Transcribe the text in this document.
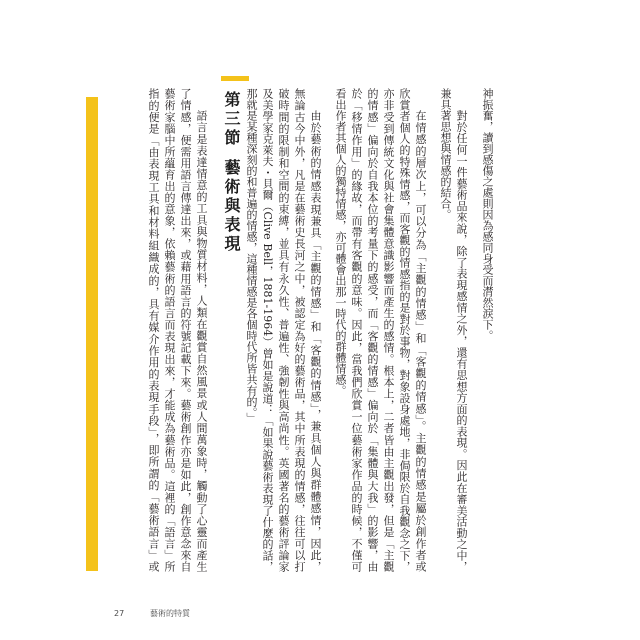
神振奮，讀到感傷之處則因為感同身受而潸然淚下。
對於任何一件藝術品來說，除了表現感情之外，還有思想方面的表現。因此在審美活動之中，
兼具著思想與情感的結合。
在情感的層次上，可以分為「主觀的情感」和「客觀的情感」。主觀的情感是屬於創作者或
欣賞者個人的特殊情感，而客觀的情感指的是對於事物，對象設身處地，非侷限於自我觀念之下，
亦非受到傳統文化與社會集體意識影響而產生的感情。根本上，二者皆由主觀出發，但是「主觀
的情感」偏向於自我本位的考量下的感受，而「客觀的情感」偏向於「集體與大我」的影響，由
於「移情作用」的緣故，而帶有客觀的意味。因此，當我們欣賞一位藝術家作品的時候，不僅可
看出作者其個人的獨特情感，亦可體會出那一時代的群體情感。
由於藝術的情感表現兼具「主觀的情感」和「客觀的情感」，兼具個人與群體感情，因此，
無論古今中外，凡是在藝術史長河之中，被認定為好的藝術品，其中所表現的情感，往往可以打
破時間的限制和空間的束縛，並具有永久性、普遍性、強韌性與高尚性。英國著名的藝術評論家
及美學家克萊夫・貝爾（Clive Bell，1881-1964）曾如是說道：「如果說藝術表現了什麼的話，
那就是某種深刻的和普遍的情感，這種情感是各個時代所皆共有的。」
第三節藝術與表現
語言是表達情意的工具與物質材料，人類在觀賞自然風景或人間萬象時，觸動了心靈而產生
了情感，便需用語言傳達出來，或藉用語言的符號記載下來。藝術創作亦是如此，創作意念來自
藝術家腦中所蘊育出的意象，依賴藝術的語言而表現出來，才能成為藝術品。這裡的「語言」所
指的便是「由表現工具和材料組織成的，具有媒介作用的表現手段」，即所謂的「藝術語言」或
27	藝術的特質
